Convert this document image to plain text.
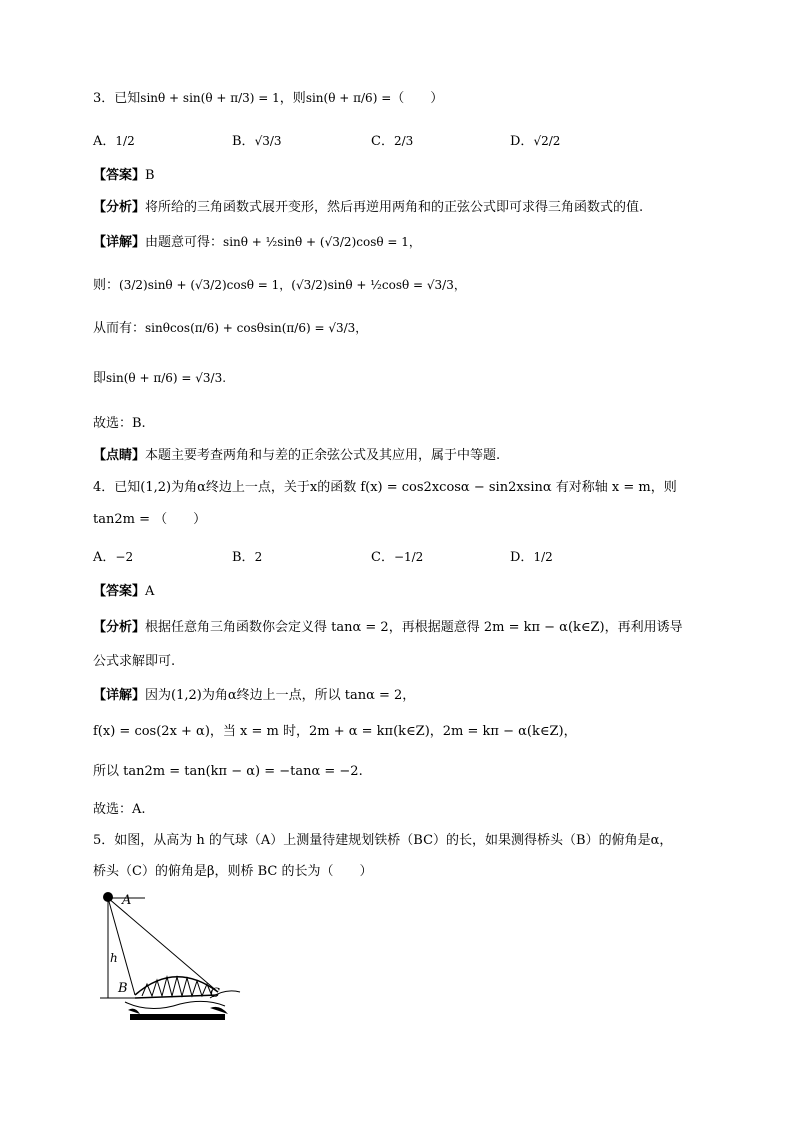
3．已知sinθ + sin(θ + π/3) = 1，则sin(θ + π/6) =（　　）
A．1/2	B．√3/3	C．2/3	D．√2/2
【答案】B
【分析】将所给的三角函数式展开变形，然后再逆用两角和的正弦公式即可求得三角函数式的值.
【详解】由题意可得：sinθ + ½sinθ + (√3/2)cosθ = 1，
则：(3/2)sinθ + (√3/2)cosθ = 1，(√3/2)sinθ + ½cosθ = √3/3，
从而有：sinθcos(π/6) + cosθsin(π/6) = √3/3，
即sin(θ + π/6) = √3/3.
故选：B.
【点睛】本题主要考查两角和与差的正余弦公式及其应用，属于中等题.
4．已知(1,2)为角α终边上一点，关于x的函数 f(x) = cos2xcosα − sin2xsinα 有对称轴 x = m，则
tan2m = （　　）
A．−2	B．2	C．−1/2	D．1/2
【答案】A
【分析】根据任意角三角函数你会定义得 tanα = 2，再根据题意得 2m = kπ − α(k∈Z)，再利用诱导
公式求解即可.
【详解】因为(1,2)为角α终边上一点，所以 tanα = 2，
f(x) = cos(2x + α)，当 x = m 时，2m + α = kπ(k∈Z)，2m = kπ − α(k∈Z)，
所以 tan2m = tan(kπ − α) = −tanα = −2.
故选：A.
5．如图，从高为 h 的气球（A）上测量待建规划铁桥（BC）的长，如果测得桥头（B）的俯角是α，
桥头（C）的俯角是β，则桥 BC 的长为（　　）
A
h
B	C
